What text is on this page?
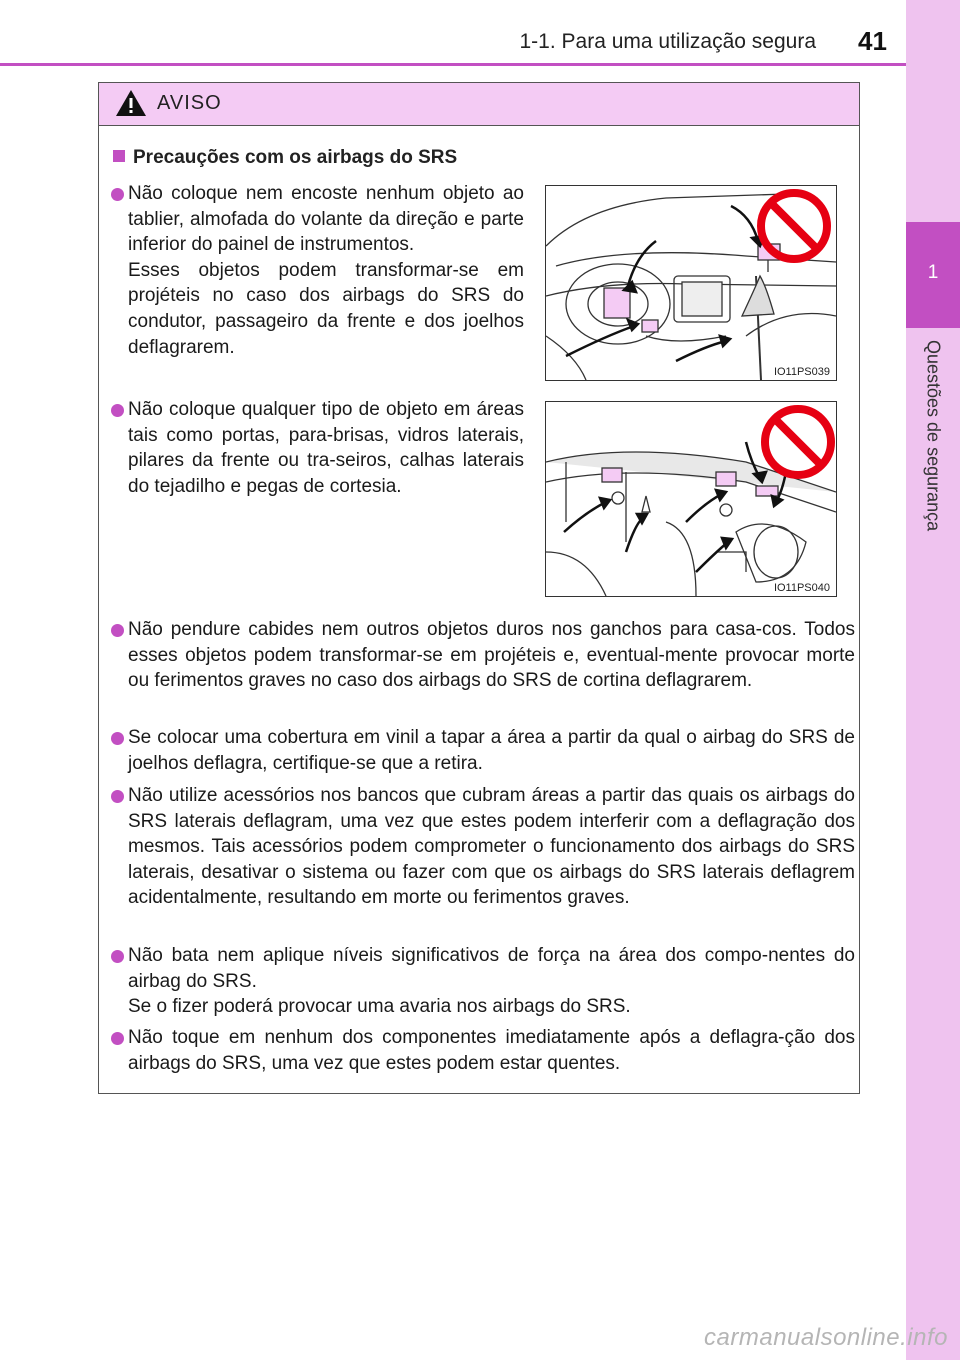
1-1. Para uma utilização segura 41
1
Questões de segurança
AVISO
Precauções com os airbags do SRS

Não coloque nem encoste nenhum objeto ao tablier, almofada do volante da direção e parte inferior do painel de instrumentos.

Esses objetos podem transformar-se em projéteis no caso dos airbags do SRS do condutor, passageiro da frente e dos joelhos deflagrarem.

IO11PS039

Não coloque qualquer tipo de objeto em áreas tais como portas, para-brisas, vidros laterais, pilares da frente ou tra-seiros, calhas laterais do tejadilho e pegas de cortesia.

IO11PS040

Não pendure cabides nem outros objetos duros nos ganchos para casa-cos. Todos esses objetos podem transformar-se em projéteis e, eventual-mente provocar morte ou ferimentos graves no caso dos airbags do SRS de cortina deflagrarem.

Se colocar uma cobertura em vinil a tapar a área a partir da qual o airbag do SRS de joelhos deflagra, certifique-se que a retira.

Não utilize acessórios nos bancos que cubram áreas a partir das quais os airbags do SRS laterais deflagram, uma vez que estes podem interferir com a deflagração dos mesmos. Tais acessórios podem comprometer o funcionamento dos airbags do SRS laterais, desativar o sistema ou fazer com que os airbags do SRS laterais deflagrem acidentalmente, resultando em morte ou ferimentos graves.

Não bata nem aplique níveis significativos de força na área dos compo-nentes do airbag do SRS.

Se o fizer poderá provocar uma avaria nos airbags do SRS.

Não toque em nenhum dos componentes imediatamente após a deflagra-ção dos airbags do SRS, uma vez que estes podem estar quentes.

carmanualsonline.info
